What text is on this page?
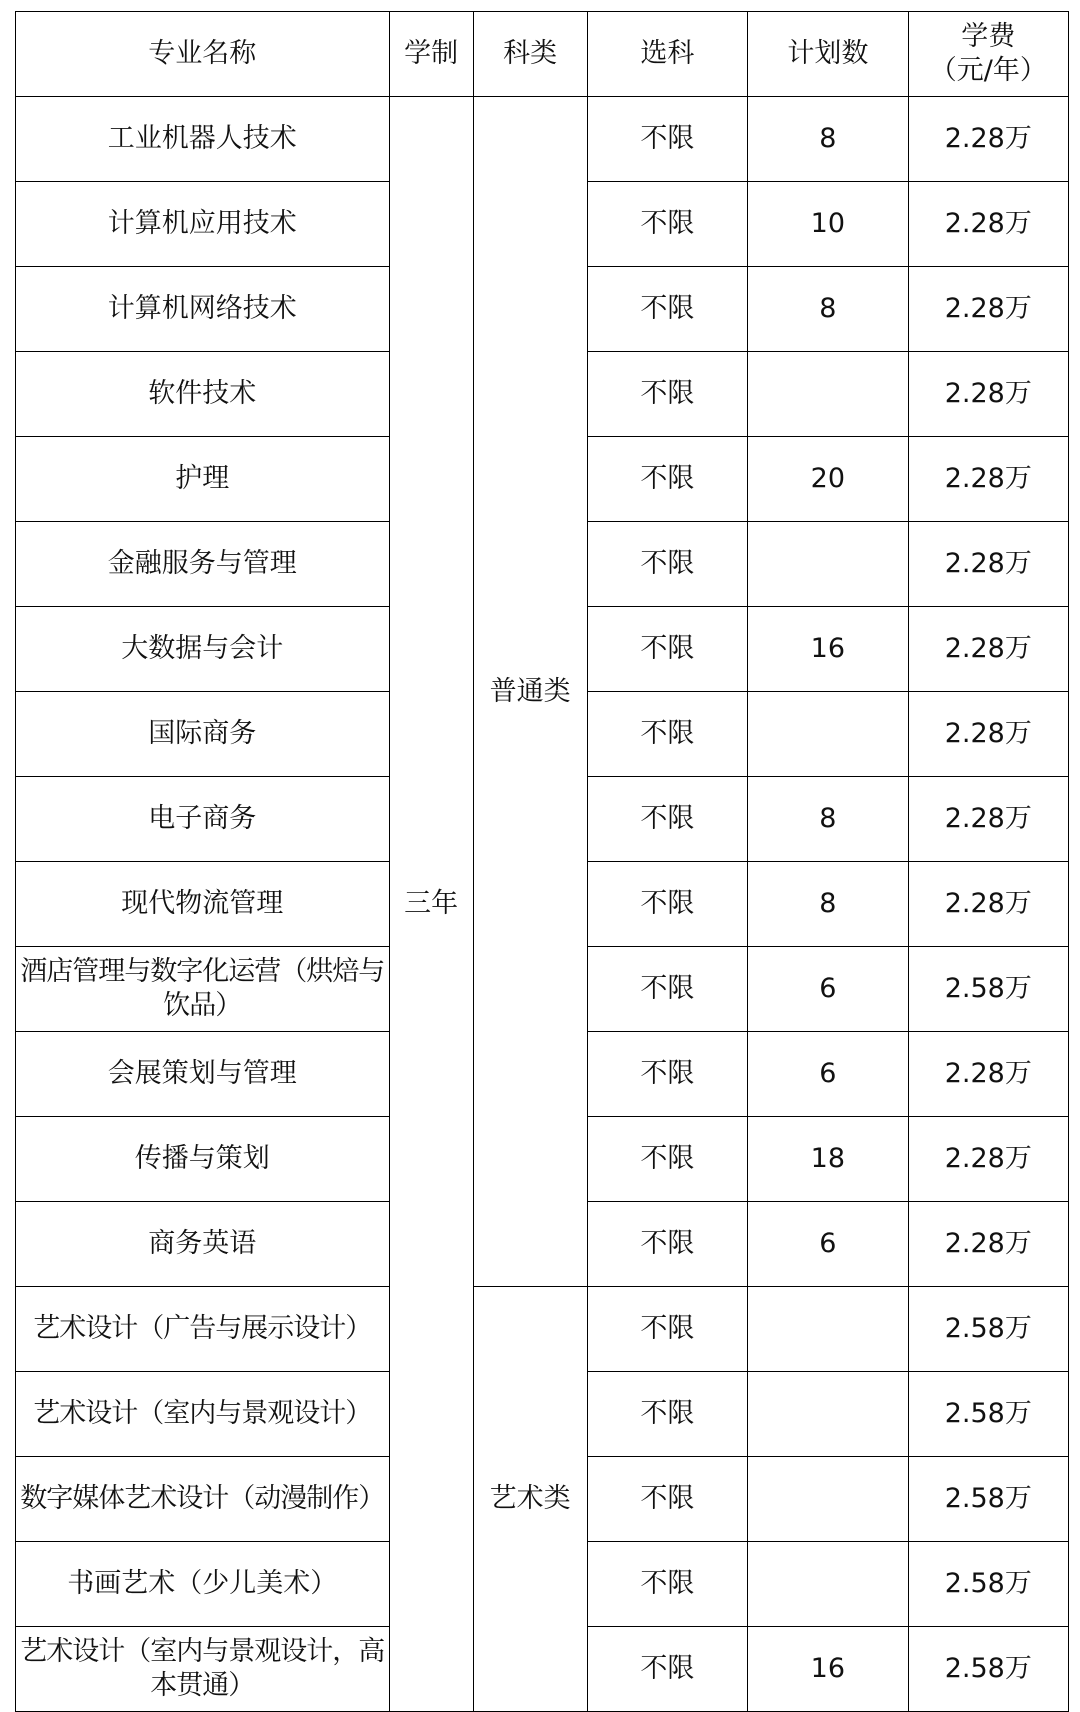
专业名称	学制	科类	选科	计划数	学费
（元/年）
工业机器人技术	三年	普通类	不限	8	2.28万
计算机应用技术			不限	10	2.28万
计算机网络技术			不限	8	2.28万
软件技术			不限		2.28万
护理			不限	20	2.28万
金融服务与管理			不限		2.28万
大数据与会计			不限	16	2.28万
国际商务			不限		2.28万
电子商务			不限	8	2.28万
现代物流管理			不限	8	2.28万
酒店管理与数字化运营（烘焙与饮品）			不限	6	2.58万
会展策划与管理			不限	6	2.28万
传播与策划			不限	18	2.28万
商务英语			不限	6	2.28万
艺术设计（广告与展示设计）		艺术类	不限		2.58万
艺术设计（室内与景观设计）			不限		2.58万
数字媒体艺术设计（动漫制作）			不限		2.58万
书画艺术（少儿美术）			不限		2.58万
艺术设计（室内与景观设计，高本贯通）			不限	16	2.58万
